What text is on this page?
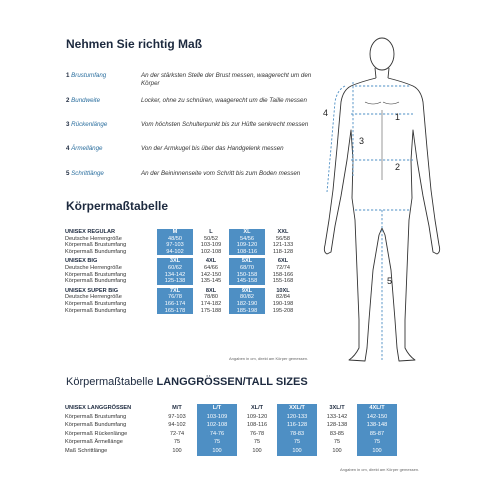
Nehmen Sie richtig Maß
1 Brustumfang	An der stärksten Stelle der Brust messen, waagerecht um den Körper
2 Bundweite	Locker, ohne zu schnüren, waagerecht um die Taille messen
3 Rückenlänge	Vom höchsten Schulterpunkt bis zur Hüfte senkrecht messen
4 Ärmellänge	Von der Armkugel bis über das Handgelenk messen
5 Schrittlänge	An der Beininnenseite vom Schritt bis zum Boden messen
Körpermaßtabelle
UNISEX REGULAR	M	L	XL	XXL
Deutsche Herrengröße	48/50	50/52	54/56	56/58
Körpermaß Brustumfang	97-103	103-109	109-120	121-133
Körpermaß Bundumfang	94-102	102-108	108-116	118-128

UNISEX BIG	3XL	4XL	5XL	6XL
Deutsche Herrengröße	60/62	64/66	68/70	72/74
Körpermaß Brustumfang	134-142	142-150	150-158	158-166
Körpermaß Bundumfang	125-138	135-145	145-158	155-168

UNISEX SUPER BIG	7XL	8XL	9XL	10XL
Deutsche Herrengröße	76/78	78/80	80/82	82/84
Körpermaß Brustumfang	166-174	174-182	182-190	190-198
Körpermaß Bundumfang	165-178	175-188	185-198	195-208
Angaben in cm, direkt am Körper gemessen.
Körpermaßtabelle LANGGRÖSSEN/TALL SIZES
UNISEX LANGGRÖSSEN	M/T	L/T	XL/T	XXL/T	3XL/T	4XL/T
Körpermaß Brustumfang	97-103	103-109	109-120	120-133	133-142	142-150
Körpermaß Bundumfang	94-102	102-108	108-116	116-128	128-138	138-148
Körpermaß Rückenlänge	72-74	74-76	76-78	78-83	83-85	85-87
Körpermaß Ärmellänge	75	75	75	75	75	75
Maß Schrittlänge	100	100	100	100	100	100
Angaben in cm, direkt am Körper gemessen.
1
2
3
4
5
